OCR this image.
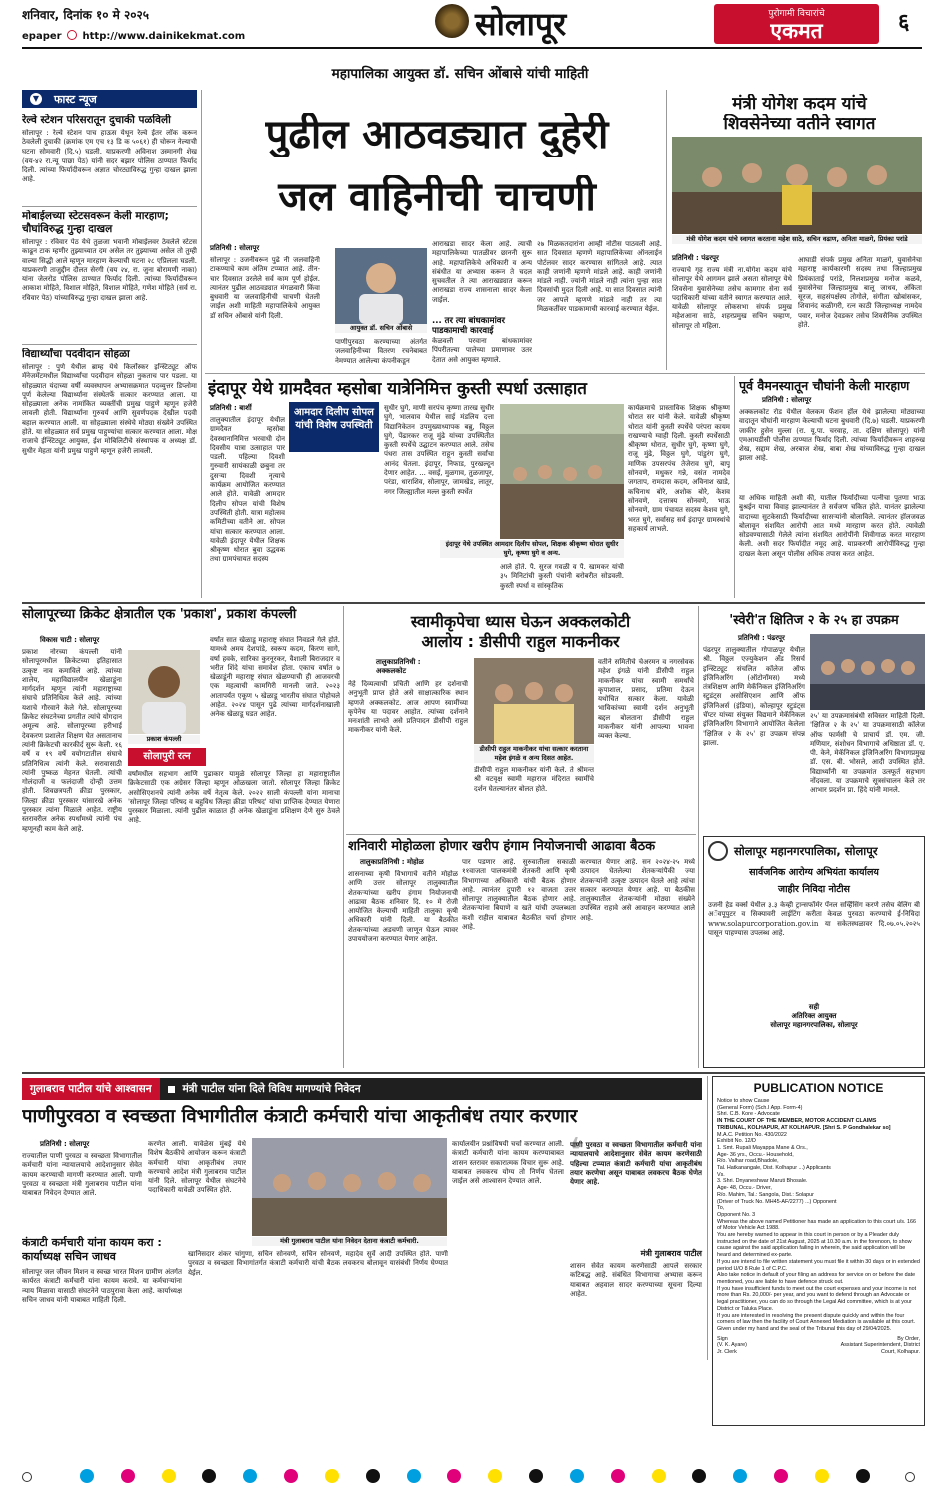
शनिवार, दिनांक १० मे २०२५
epaper http://www.dainikekmat.com	सोलापूर	पुरोगामी विचारांचे
एकमत	६
▼ फास्ट न्यूज
रेल्वे स्टेशन परिसरातून दुचाकी पळविली
सोलापूर : रेल्वे स्टेशन पाच हाऊस येथून रेल्वे ईतर लॉक करून ठेवलेली दुचाकी (क्रमांक एम एच १३ डि क ५०६१) ही चोरून नेल्याची घटना सोमवारी (दि.५) घडली. याप्रकरणी अविनाश उस्मानगी शेख (वय-४२ रा.न्यू पाछा पेठ) यांनी सदर बझार पोलिस ठाण्यात फिर्याद दिली. त्यांच्या फिर्यादीवरून अज्ञात चोरट्याविरुद्ध गुन्हा दाखल झाला आहे.
मोबाईलच्या स्टेटसवरून केली मारहाण; चौघांविरुद्ध गुन्हा दाखल
सोलापूर : रविवार पेठ येथे तुळजा भवानी मोबाईलवर ठेवलेले स्टेटस काढून टाक म्हणीर तुझ्याच्यात दम असेल तर तुझ्याच्या असेल तो तुम्ही वाल्या सिद्धी आले म्हणून मारहाण केल्याची घटना २८ एप्रिलला घडली. याप्रकरणी ताजुद्दीन दौलत सेरगी (वय २४, रा. जुना बोरामणी नाका) यांना जेलरोड पोलिस ठाण्यात फिर्याद दिली. त्यांच्या फिर्यादीवरून आकाश मोहिते, विशाल मोहिते, विशाल मोहिते, गणेश मोहिते (सर्व रा. रविवार पेठ) यांच्याविरुद्ध गुन्हा दाखल झाला आहे.
विद्यार्थ्यांचा पदवीदान सोहळा
सोलापूर : पुणे येथील ब्राम्ह येथे किर्लोस्कर इन्स्टिट्यूट ऑफ मॅनेजमेंटमधील विद्यार्थ्यांचा पदवीदान सोहळा नुकताच पार पडला. या सोहळ्यात यंदाच्या वर्षी व्यवस्थापन अभ्यासक्रमात पदव्युत्तर डिप्लोमा पूर्ण केलेल्या विद्यार्थ्यांना संस्थेतर्फे सत्कार करण्यात आला. या सोहळ्याला अनेक नामांकित व्यक्तींची प्रमुख पाहुणे म्हणून हजेरी लावली होती. विद्यार्थ्यांना गुरुवर्य आणि सुवर्णपदक देखील पदवी बहाल करण्यात आली. या सोहळ्याला संस्थेचे मोठ्या संख्येने उपस्थित होते. या सोहळ्यात सर्व प्रमुख पाहुण्यांचा सत्कार करण्यात आला. मोक्ष राजाचे ईन्स्टिट्यूट आयुक्त, ईश मोबिलिटीचे संस्थापक व अध्यक्ष डॉ. सुधीर मेहता यांनी प्रमुख पाहुणे म्हणून हजेरी लावली.
महापालिका आयुक्त डॉ. सचिन ओंबासे यांची माहिती
पुढील आठवड्यात दुहेरी
जल वाहिनीची चाचणी
प्रतिनिधी : सोलापूर
सोलापूर : उजनीवरून पुढे नी जलवाहिनी टाकण्याचे काम अंतिम टप्प्यात आहे. तीन-चार दिवसात उरलेले सर्व काम पूर्ण होईल. त्यानंतर पुढील आठवड्यात मंगळवारी किंवा बुधवारी या जलवाहिनीची चाचणी घेतली जाईल अशी माहिती महापालिकेचे आयुक्त डॉ सचिन ओंबासे यांनी दिली.
आयुक्त डॉ. सचिन ओंबासे
पाणीपुरवठा करण्याच्या अंतर्गत जलवाहिनीच्या वितरण रचनेबाबत नेमण्यात आलेल्या कंपनीकडून
आराखडा सादर केला आहे. त्याची महापालिकेच्या पातळीवर छाननी सुरू आहे. महापालिकेचे अधिकारी व अन्य संबंधीत या अभ्यास करून ते चदल सुचवतील ते त्या आराखड्यात करून आराखडा राज्य शासनाला सादर केला जाईल.
... तर त्या बांधकामांवर पाडकामाची कारवाई
केळवली परवाना बांधकामांवर पिंपरीतल्या पालेच्या प्रमाणावर उतर देतात असे आयुक्त म्हणाले.
२७ मिळकतदारांना आम्ही नोटीस पाठवली आहे. सात दिवसात म्हणणे महापालिकेच्या ऑनलाईन पोर्टलवर सादर करण्यास सांगितले आहे. त्यात काही जणांनी म्हणणे मांडले आहे. काही जणांनी मांडले नाही. ज्यांनी मांडले नाही त्यांना पुन्हा सात दिवसांची मुदत दिली आहे. या सात दिवसात त्यांनी जर आपले म्हणणे मांडले नाही तर त्या मिळकतींवर पाडकामाची कारवाई करण्यात येईल.
मंत्री योगेश कदम यांचे
शिवसेनेच्या वतीने स्वागत
मंत्री योगेश कदम यांचे स्वागत करताना महेश साठे, सचिन वढाण, अनिता माळगे, प्रियंका परांडे
प्रतिनिधी : पंढरपूर
राज्याचे गृह राज्य मंत्री ना.योगेश कदम यांचे सोलापूर येथे आगमन झाले असता सोलापूर येथे शिवसेना युवासेनेच्या तसेच कामगार सेना सर्व पदाधिकारी यांच्या वतीने स्वागत करण्यात आले. यावेळी सोलापूर लोकसभा संपर्क प्रमुख महेशआना साठे, शहरप्रमुख सचिन चव्हाण, सोलापूर तो महिला.
आघाडी संपर्क प्रमुख अनिता माळगे, युवासेनेचा महाराष्ट्र कार्यकारणी सदस्य तथा जिल्हाप्रमुख प्रियंकाताई परांडे, निलशप्रमुख मनोज कळवे, युवासेनेचा जिल्हाप्रमुख बालू जाधव, अंकिता सूरज, सहसंपर्क्षस्य तोगोले, संगीता खोबांसकर, शिवानंद कळीगरी, रत्न काठी जिल्हाध्यक्ष नामदेव पवार, मनोज देवडकर तसेच शिवसैनिक उपस्थित होते.
इंदापूर येथे ग्रामदैवत म्हसोबा यात्रेनिमित्त कुस्ती स्पर्धा उत्साहात
प्रतिनिधी : बार्शी	आमदार दिलीप सोपल यांची विशेष उपस्थिती
तालुक्यातील इंदापूर येथील ग्रामदैवत म्हसोबा देवस्थानानिमित्त भरवाधी दोन दिवसीय यात्रा उत्साहात पार पडली. पहिल्या दिवशी गुरुवारी सायंकाळी छबुना तर दुसऱ्या दिवशी नृत्याचे कार्यक्रम आयोजित करण्यात आले होते. यावेळी आमदार दिलीप सोपल यांची विशेष उपस्थिती होती. यात्रा महोत्सव कमिटीच्या वतीने आ. सोपल यांचा सत्कार करण्यात आला. यावेळी इंदापूर येथील शिक्षक श्रीकृष्ण थोरात बुवा उद्धवक तथा ग्रामपंचायत सदस्य
सुधीर घुगे, माणी सरपंच कृष्णा तारख सुधीर घुगे, भालवाव येथील साई मंडलिय दत्ता विद्यानिकेतन उपमुख्याध्यापक बब्रु, विठ्ठल घुगे, पेंढारकर राजू मुंढे यांच्या उपस्थितीत कुस्ती स्पर्धेचे उद्घाटन करण्यात आले. तसेच पंधरा तास उपस्थित राहून कुस्ती सर्वांचा आनंद घेतला. इंदापूर, निफाड, पुरखल्दून देणार आहेत. ... वसई, मुळगाव, तुळजापूर, परंडा, धाराशिव, सोलापूर, जामखेड, लातूर, नगर जिल्ह्यातील मल्ल कुस्ती स्पर्धेत
इंदापूर येथे उपस्थित आमदार दिलीप सोपल, शिक्षक श्रीकृष्ण थोरात सुधीर घुगे, कृष्णा घुगे व अन्य.
आले होते. पै. सुरज गवळी व पै. खामकर यांची ३५ मिनिटांची कुस्ती पंचांनी बरोबरीत सोडवली. कुस्ती स्पर्धा व सांस्कृतिक
कार्यक्रमाचे प्रास्ताविक शिक्षक श्रीकृष्ण थोरात सर यांनी केले. यावेळी श्रीकृष्ण थोरात यांनी कुस्ती स्पर्धेचे परंपरा कायम राखण्याचे ग्वाही दिली. कुस्ती स्पर्धेसाठी श्रीकृष्ण थोरात, सुधीर घुगे, कृष्णा घुगे, राजू मुंढे, विठ्ठल घुगे, पांडुरंग घुगे, माणिक उपसरपंच तेजेराव घुगे, बापू सोनवणे, मधुकर गन्ने, वसंत नामदेव जगताप, रामदास कदम, अविनाश खाडे, कचिनाथ बोरे, अशोक बोरे, केशव सोनवणे, दत्तात्रय सोनवणे, भाऊ सोनवणे, ग्राम पंचायत सदस्य केशव घुगे, भरत घुगे, सर्वासह सर्व इंदापूर ग्रामस्थांचे सहकार्य लाभले.
पूर्व वैमनस्यातून चौघांनी केली मारहाण
प्रतिनिधी : सोलापूर
अक्कलकोट रोड येथील वेलकम फॅशन हॉल येथे झालेल्या मोठ्याच्या वादातून चौघांनी मारहाण केल्याची घटना बुधवारी (दि.७) घडली. याप्रकरणी जाकीर हुसेन मुल्ला (रा. यू.पा. चरवाह, ता. दक्षिण सोलापूर) यांनी एमआयडीसी पोलीस ठाण्यात फिर्याद दिली. त्यांच्या फिर्यादीवरून शाहरुख शेख, सद्दाम शेख, अरबाज शेख, बाबा शेख यांच्याविरुद्ध गुन्हा दाखल झाला आहे.
या अधिक माहिती अशी की, यातील फिर्यादीच्या पत्नीचा पूतणा भाऊ बुश्रईन याचा विवाह झाल्यानंतर ते सर्वजण चकित होते. यानंतर झालेल्या वादाच्या सुटकेसाठी फिर्यादीच्या सासऱ्यांनी बोलाविले. त्यानंतर हॉलजवळ बोलावून संशयित आरोपी आत मध्ये मारहाण करत होते. त्यावेळी सोडवण्यासाठी गेलेले त्यांना संशयित आरोपींनी शिवीगाळ करत मारहाण केली. अशी सदर फिर्यादीत नमूद आहे. याप्रकरणी आरोपींविरुद्ध गुन्हा दाखल केला असून पोलीस अधिक तपास करत आहेत.
सोलापूरच्या क्रिकेट क्षेत्रातील एक 'प्रकाश', प्रकाश कंपल्ली
विकास चाटी : सोलापूर
प्रकाश नोरच्या कंपल्ली यांनी सोलापूरमधील क्रिकेटच्या इतिहासात उत्कृष्ट नाव कमाविले आहे. त्यांच्या शालेय, महाविद्यालयीन खेळाडूंना मार्गदर्शन म्हणून त्यांनी महाराष्ट्राच्या संघाचे प्रतिनिधित्व केले आहे. त्यांच्या यशाचे गौरवाने केले गेले. सोलापूरच्या क्रिकेट संघटनेच्या प्रगतीत त्यांचे योगदान अमूल्य आहे. सोलापूरच्या हरीभाई देवकरण प्रशालेत शिक्षण घेत असतानाच त्यांनी क्रिकेटची कारकीर्द सुरू केली. १६ वर्षे व १९ वर्षे वयोगटातील संघाचे प्रतिनिधित्व त्यांनी केले. सरावासाठी त्यांनी पुष्कळ मेहनत घेतली. त्यांची गोलंदाजी व फलंदाजी दोन्ही उत्तम होती. शिवछत्रपती क्रीडा पुरस्कार, जिल्हा क्रीडा पुरस्कार यांसारखे अनेक पुरस्कार त्यांना मिळाले आहेत. राष्ट्रीय स्तरावरील अनेक स्पर्धांमध्ये त्यांनी पंच म्हणूनही काम केले आहे.
प्रकाश कंपल्ली
सोलापुरी रत्न
वर्षांत सात खेळाडू महाराष्ट्र संघात निवडले गेले होते. यामध्ये अमय देशपांडे, स्वरूप कदम, किरण सागे, वर्षा हवके, सारिका कुरनूरकर, वैशाली बिराजदार व भरीत शिंदे यांचा समावेश होता. एकाच वर्षात ७ खेळाडूंनी महाराष्ट्र संघात खेळण्याची ही आजवरची एक महत्वाची कामगिरी मानली जाते. २०२३ आतापर्यंत एकूण ५ खेळाडू भारतीय संघात पोहोचले आहेत. २०२४ पासून पुढे त्यांच्या मार्गदर्शनाखाली अनेक खेळाडू घडत आहेत.
वर्षांमधील सहभाग आणि पुढाकार यामुळे सोलापूर जिल्हा हा महाराष्ट्रातील क्रिकेटसाठी एक अग्रेसर जिल्हा म्हणून ओळखला जातो. सोलापूर जिल्हा क्रिकेट असोसिएशनचे त्यांनी अनेक वर्षे नेतृत्व केले. २०२२ साली कंपल्ली यांना मानाचा 'सोलापूर जिल्हा परिषद व बहुविध जिल्हा क्रीडा परिषद' यांचा प्राप्तिक देण्यात येणारा पुरस्कार मिळाला. त्यांनी पुढील काळात ही अनेक खेळाडूंना प्रशिक्षण देणे सुरु ठेवले आहे.
स्वामीकृपेचा ध्यास घेऊन अक्कलकोटी
आलोय : डीसीपी राहुल माकनीकर
तालुकाप्रतिनिधी : अक्कलकोट
नेहे दिव्यत्वाची प्रचिती आणि हर दर्शनाची अनुभूती प्राप्त होते असे साक्षात्कारिक स्थान म्हणजे अक्कलकोट. आज आपण स्वामींच्या कृपेनेच या पदावर आहोत. त्यांच्या दर्शनाने मनःशांती लाभते असे प्रतिपादन डीसीपी राहुल माकनीकर यांनी केले.
डीसीपी राहुल माकनीकर यांचा सत्कार करताना महेश इंगळे व अन्य दिसत आहेत.
डीसीपी राहुल माकनीकर यांनी केले. ते श्रीमन्त श्री वटवृक्ष स्वामी महाराज मंदिरात स्वामींचे दर्शन घेतल्यानंतर बोलत होते.
वतीने समितीचे चेअरमन व नगरसेवक महेश इंगळे यांनी डीसीपी राहुल माकनीकर यांचा स्वामी समर्थांचे कृपाशाल, प्रसाद, प्रतिमा देऊन यथोचित सत्कार केला. यावेळी भाविकांच्या स्वामी दर्शन अनुभूती बद्दल बोलताना डीसीपी राहुल माकनीकर यांनी आपल्या भावना व्यक्त केल्या.
'स्वेरी'त क्षितिज २ के २५ हा उपक्रम
प्रतिनिधी : पंढरपूर
पंढरपूर तालुक्यातील गोपाळपूर येथील श्री. विठ्ठल एज्युकेशन अँड रिसर्च इन्स्टिट्यूट संचलित कॉलेज ऑफ इंजिनिअरिंग (ऑटोनॉमस) मध्ये तंत्रशिक्षण आणि मेकॅनिकल इंजिनिअरिंग स्टुडंट्स असोसिएशन आणि ऑफ इंजिनिअर्स (इंडिया), कोल्हापूर स्टुडंट्स चॅप्टर यांच्या संयुक्त विद्यमाने मेकॅनिकल इंजिनिअरिंग विभागाने आयोजित केलेला 'क्षितिज २ के २५' हा उपक्रम संपन्न झाला.
२५' या उपक्रमासंबंधी सविस्तर माहिती दिली. 'क्षितिज २ के २५' या उपक्रमासाठी कॉलेज ऑफ फार्मसी चे प्राचार्य डॉ. एम. जी. मणियार, संशोधन विभागाचे अधिष्ठाता डॉ. ए. पी. केने, मेकॅनिकल इंजिनिअरिंग विभागप्रमुख डॉ. एस. बी. भोसले, आदी उपस्थित होते. विद्यार्थ्यांनी या उपक्रमांत उत्स्फूर्त सहभाग नोंदवला. या उपक्रमाचे सूत्रसंचालन केले तर आभार प्रदर्शन प्रा. हिंदे यांनी मानले.
शनिवारी मोहोळला होणार खरीप हंगाम नियोजनाची आढावा बैठक
तालुकाप्रतिनिधी : मोहोळ
शासनाच्या कृषी विभागाचे वतीने मोहोळ आणि उत्तर सोलापूर तालुक्यातील शेतकऱ्यांच्या खरीप हंगाम नियोजनाची आढावा बैठक शनिवार दि. १० मे रोजी आयोजित केल्याची माहिती तालुका कृषी अधिकारी यांनी दिली. या बैठकीत शेतकऱ्यांच्या अडचणी जाणून घेऊन त्यावर उपाययोजना करण्यात येणार आहेत.
पार पडणार आहे. सुरुवातीला सकाळी ११वाजता पालकमंत्री शेतकरी आणि कृषी विभागाच्या अधिकारी यांची बैठक होणार आहे. त्यानंतर दुपारी १२ वाजता उत्तर सोलापूर तालुक्यातील बैठक होणार आहे. शेतकऱ्यांना बियाणे व खते यांची उपलब्धता कशी राहील याबाबत बैठकीत चर्चा होणार आहे.
करण्यात येणार आहे. सन २०२४-२५ मध्ये उत्पादन घेतलेल्या शेतकऱ्यांपैकी ज्या शेतकऱ्यांनी उत्कृष्ट उत्पादन घेतले आहे त्यांचा सत्कार करण्यात येणार आहे. या बैठकीस तालुक्यातील शेतकऱ्यांनी मोठ्या संख्येने उपस्थित राहावे असे आवाहन करण्यात आले आहे.
सोलापूर महानगरपालिका, सोलापूर
सार्वजनिक आरोग्य अभियंता कार्यालय
जाहीर निविदा नोटीस
उजनी हेड वर्क्स येथील ३.३ केव्ही ट्रान्सफॉर्मर पॅनल सर्व्हिसिंग करणे तसेच बेलिंग बी अॅवपूपुटर व सिक्यावरी लाईटिंग करीता केवळ पुरवठा करण्याचे ई-निविदा www.solapurcorporation.gov.in या सकेतस्थळावर दि.०७.०५.२०२५ पासून पाहण्यास उपलब्ध आहे.
सही
अतिरिक्त आयुक्त
सोलापूर महानगरपालिका, सोलापूर
गुलाबराव पाटील यांचे आश्वासन	मंत्री पाटील यांना दिले विविध मागण्यांचे निवेदन
पाणीपुरवठा व स्वच्छता विभागीतील कंत्राटी कर्मचारी यांचा आकृतीबंध तयार करणार
प्रतिनिधी : सोलापूर
राज्यातील पाणी पुरवठा व स्वच्छता विभागातील कर्मचारी यांना न्यायालयाचे आदेशानुसार सेवेत कायम करण्याची मागणी करण्यात आली. पाणी पुरवठा व स्वच्छता मंत्री गुलाबराव पाटील यांना याबाबत निवेदन देण्यात आले.
कंत्राटी कर्मचारी यांना कायम करा : कार्याध्यक्ष सचिन जाधव
सोलापूर जल जीवन मिशन व स्वच्छ भारत मिशन ग्रामीण अंतर्गत कार्यरत कंत्राटी कर्मचारी यांना कायम करावे. या कर्मचाऱ्यांना न्याय मिळावा यासाठी संघटनेने पाठपुरावा केला आहे. कार्याध्यक्ष सचिन जाधव यांनी याबाबत माहिती दिली.
करणेत आली. यावेळेस मुंबई येथे विशेष बैठकीचे आयोजन करून कंत्राटी कर्मचारी यांचा आकृतीबंध तयार करण्याचे आदेश मंत्री गुलाबराव पाटील यांनी दिले. सोलापूर येथील संघटनेचे पदाधिकारी यावेळी उपस्थित होते.
मंत्री गुलाबराव पाटील यांना निवेदन देताना कंत्राटी कर्मचारी.
खानिसदार शंकर चांगुणा, सचिन सोनवणे, सचिन सोनवणे, महादेव सुर्वे आदी उपस्थित होते. पाणी पुरवठा व स्वच्छता विभागांतर्गत कंत्राटी कर्मचारी यांची बैठक लवकरच बोलावून यासंबंधी निर्णय घेण्यात येईल.
कार्यालयीन प्रश्नांविषयी चर्चा करण्यात आली. कंत्राटी कर्मचारी यांना कायम करण्याबाबत शासन स्तरावर सकारात्मक विचार सुरू आहे. याबाबत लवकरच योग्य तो निर्णय घेतला जाईल असे आश्वासन देण्यात आले.
❛
पाणी पुरवठा व स्वच्छता विभागातील कर्मचारी यांना न्यायालयाचे आदेशानुसार सेवेत कायम करणेसाठी पहिल्या टप्प्यात कंत्राटी कर्मचारी यांचा आकृतीबंध तयार करणेचा असून याबाबत लवकरच बैठक घेणेत येणार आहे.
मंत्री गुलाबराव पाटील
शासन सेवेत कायम करणेसाठी आपले सरकार कटिबद्ध आहे. संबंधित विभागाचा अभ्यास करून याबाबत अहवाल सादर करण्याच्या सूचना दिल्या आहेत.
PUBLICATION NOTICE
Notice to show Cause
(General Form) (Sch.I App. Form-4)
Shri. C.B. Kore - Advocate
IN THE COURT OF THE MEMBER, MOTOR ACCIDENT CLAIMS
TRIBUNAL, KOLHAPUR, AT KOLHAPUR. [Shri S. P Gondhalekar so]
M.A.C. Petition No. 430/2022
Exhibit No. 12/D
1. Smt. Rupali Mayappa Mane & Ors.,
Age- 36 yrs., Occu.- Household,
R/o. Valhar road,Bhadole,
Tal. Hatkanangale, Dist. Kolhapur ...) Applicants
Vs.
3. Shri. Dnyaneshwar Maruti Bhosale.
Age- 48, Occu.- Driver,
R/o. Mahim, Tal.: Sangola, Dist.: Solapur
(Driver of Truck No. MH45-AF/2277) ...) Opponent
To,
Opponent No. 3
Whereas the above named Petitioner has made an application to this court u/s. 166 of Motor Vehicle Act 1988.
You are hereby warned to appear in this court in person or by a Pleader duly instructed on the date of 21st August, 2025 at 10.30 a.m. in the forenoon, to show cause against the said application failing in wherein, the said application will be heard and determined ex-parte.
If you are intend to file written statement you must file it within 30 days or in extended period U/O 8 Rule 1 of C.P.C.
Also take notice in default of your filing an address for service on or before the date mentioned, you are liable to have defence struck out.
If you have insufficient funds to meet out the court expenses and your income is not more than Rs. 20,000/- per year, and you want to defend through an Advocate or legal practitioner, you can do so through the Legal Aid committee, which is at your District or Taluka Place.
If you are interested in resolving the present dispute quickly and within the four corners of law then the facility of Court Annexed Mediation is available at this court.
Given under my hand and the seal of the Tribunal this day of 29/04/2025.
Sign
(V. K. Ayare)
Jr. Clerk
By Order,
Assistant Superintendent, District
Court, Kolhapur.
